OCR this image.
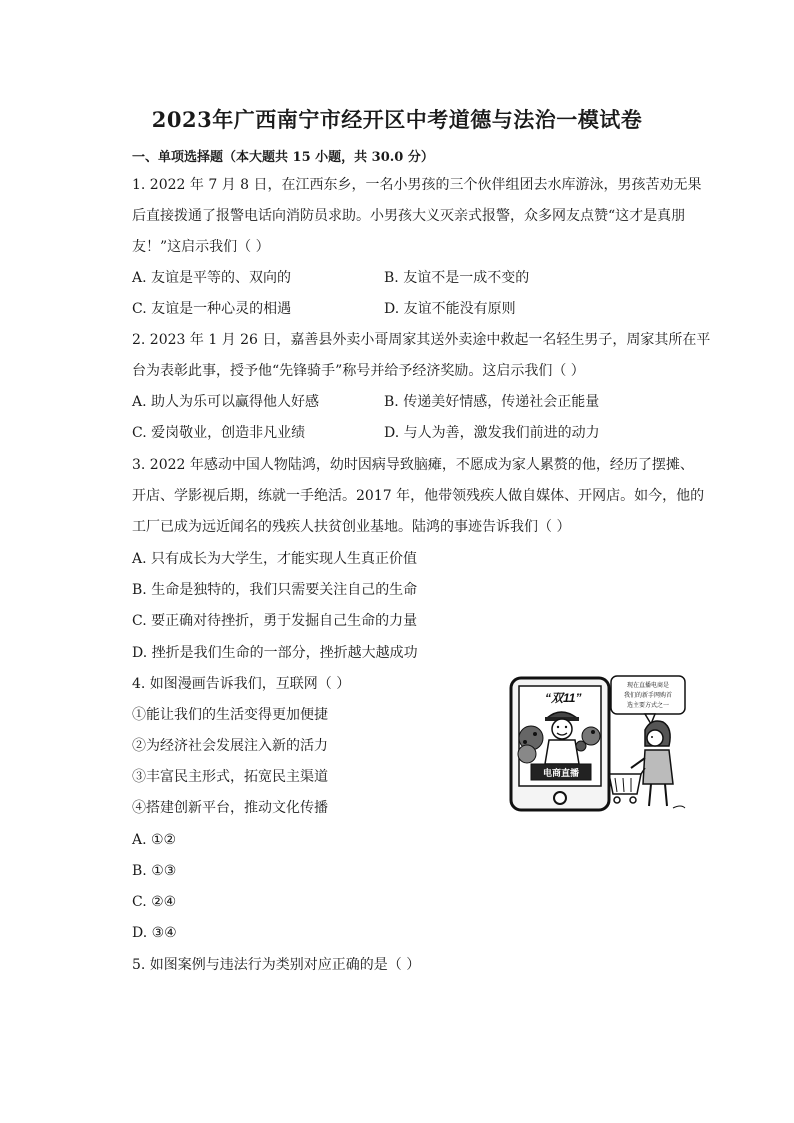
2023年广西南宁市经开区中考道德与法治一模试卷
一、单项选择题（本大题共 15 小题，共 30.0 分）
1. 2022 年 7 月 8 日，在江西东乡，一名小男孩的三个伙伴组团去水库游泳，男孩苦劝无果
后直接拨通了报警电话向消防员求助。小男孩大义灭亲式报警，众多网友点赞“这才是真朋
友！”这启示我们（ ）
A. 友谊是平等的、双向的	B. 友谊不是一成不变的
C. 友谊是一种心灵的相遇	D. 友谊不能没有原则
2. 2023 年 1 月 26 日，嘉善县外卖小哥周家其送外卖途中救起一名轻生男子，周家其所在平
台为表彰此事，授予他“先锋骑手”称号并给予经济奖励。这启示我们（ ）
A. 助人为乐可以赢得他人好感	B. 传递美好情感，传递社会正能量
C. 爱岗敬业，创造非凡业绩	D. 与人为善，激发我们前进的动力
3. 2022 年感动中国人物陆鸿，幼时因病导致脑瘫，不愿成为家人累赘的他，经历了摆摊、
开店、学影视后期，练就一手绝活。2017 年，他带领残疾人做自媒体、开网店。如今，他的
工厂已成为远近闻名的残疾人扶贫创业基地。陆鸿的事迹告诉我们（ ）
A. 只有成长为大学生，才能实现人生真正价值
B. 生命是独特的，我们只需要关注自己的生命
C. 要正确对待挫折，勇于发掘自己生命的力量
D. 挫折是我们生命的一部分，挫折越大越成功
4. 如图漫画告诉我们，互联网（ ）
①能让我们的生活变得更加便捷
②为经济社会发展注入新的活力
③丰富民主形式，拓宽民主渠道
④搭建创新平台，推动文化传播
A. ①②
B. ①③
C. ②④
D. ③④
5. 如图案例与违法行为类别对应正确的是（ ）
“双11”
电商直播
现在直播电商是
我们的新手网购首
选主要方式之一
